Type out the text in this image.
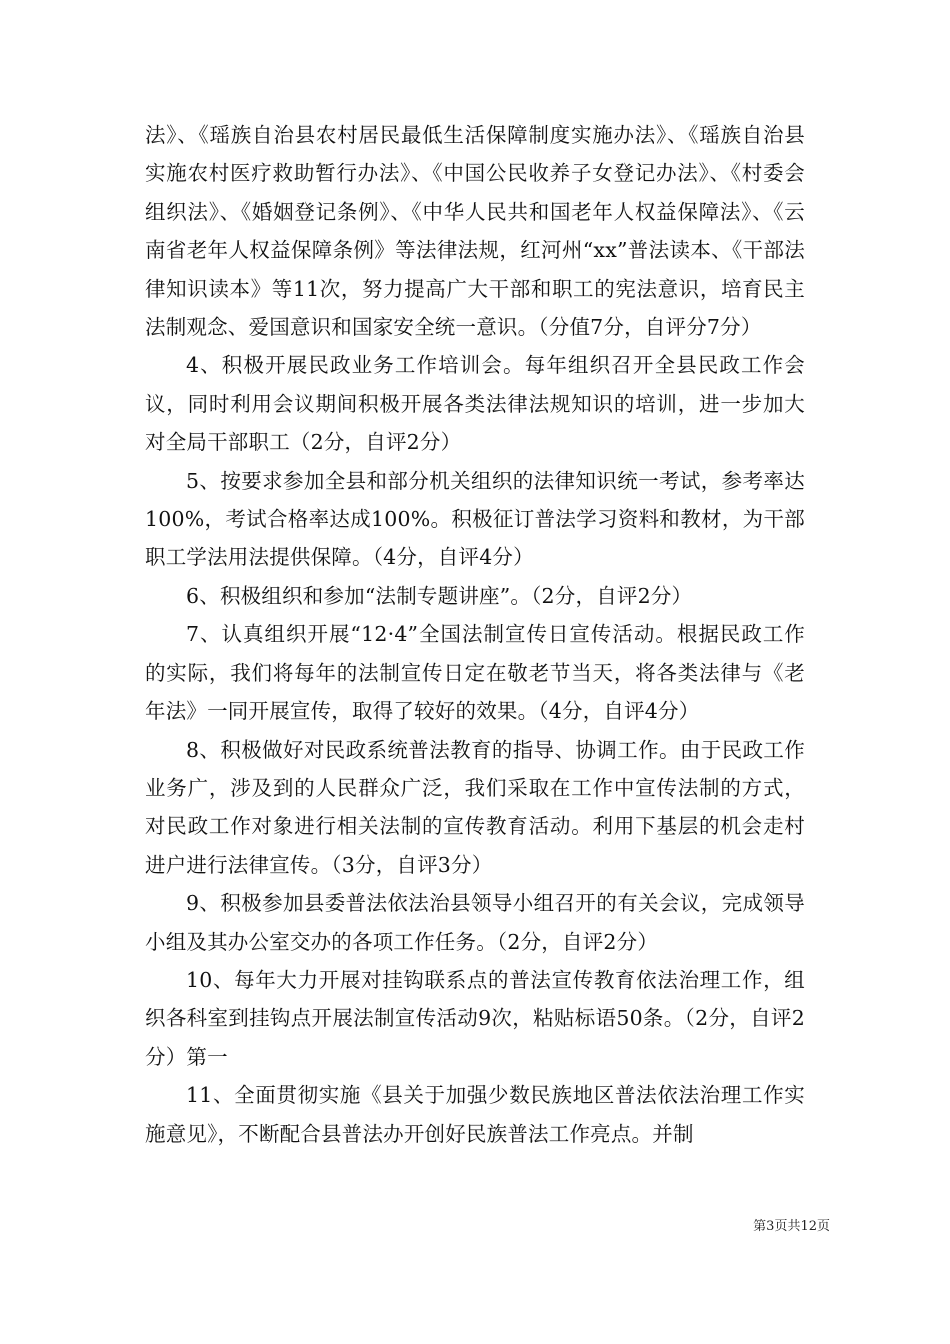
法》、《瑶族自治县农村居民最低生活保障制度实施办法》、《瑶族自治县实施农村医疗救助暂行办法》、《中国公民收养子女登记办法》、《村委会组织法》、《婚姻登记条例》、《中华人民共和国老年人权益保障法》、《云南省老年人权益保障条例》等法律法规，红河州“xx”普法读本、《干部法律知识读本》等11次，努力提高广大干部和职工的宪法意识，培育民主法制观念、爱国意识和国家安全统一意识。（分值7分，自评分7分）

4、积极开展民政业务工作培训会。每年组织召开全县民政工作会议，同时利用会议期间积极开展各类法律法规知识的培训，进一步加大对全局干部职工（2分，自评2分）

5、按要求参加全县和部分机关组织的法律知识统一考试，参考率达100%，考试合格率达成100%。积极征订普法学习资料和教材，为干部职工学法用法提供保障。（4分，自评4分）

6、积极组织和参加“法制专题讲座”。（2分，自评2分）

7、认真组织开展“12·4”全国法制宣传日宣传活动。根据民政工作的实际，我们将每年的法制宣传日定在敬老节当天，将各类法律与《老年法》一同开展宣传，取得了较好的效果。（4分，自评4分）

8、积极做好对民政系统普法教育的指导、协调工作。由于民政工作业务广，涉及到的人民群众广泛，我们采取在工作中宣传法制的方式，对民政工作对象进行相关法制的宣传教育活动。利用下基层的机会走村进户进行法律宣传。（3分，自评3分）

9、积极参加县委普法依法治县领导小组召开的有关会议，完成领导小组及其办公室交办的各项工作任务。（2分，自评2分）

10、每年大力开展对挂钩联系点的普法宣传教育依法治理工作，组织各科室到挂钩点开展法制宣传活动9次，粘贴标语50条。（2分，自评2分）第一

11、全面贯彻实施《县关于加强少数民族地区普法依法治理工作实施意见》，不断配合县普法办开创好民族普法工作亮点。并制

第3页共12页
